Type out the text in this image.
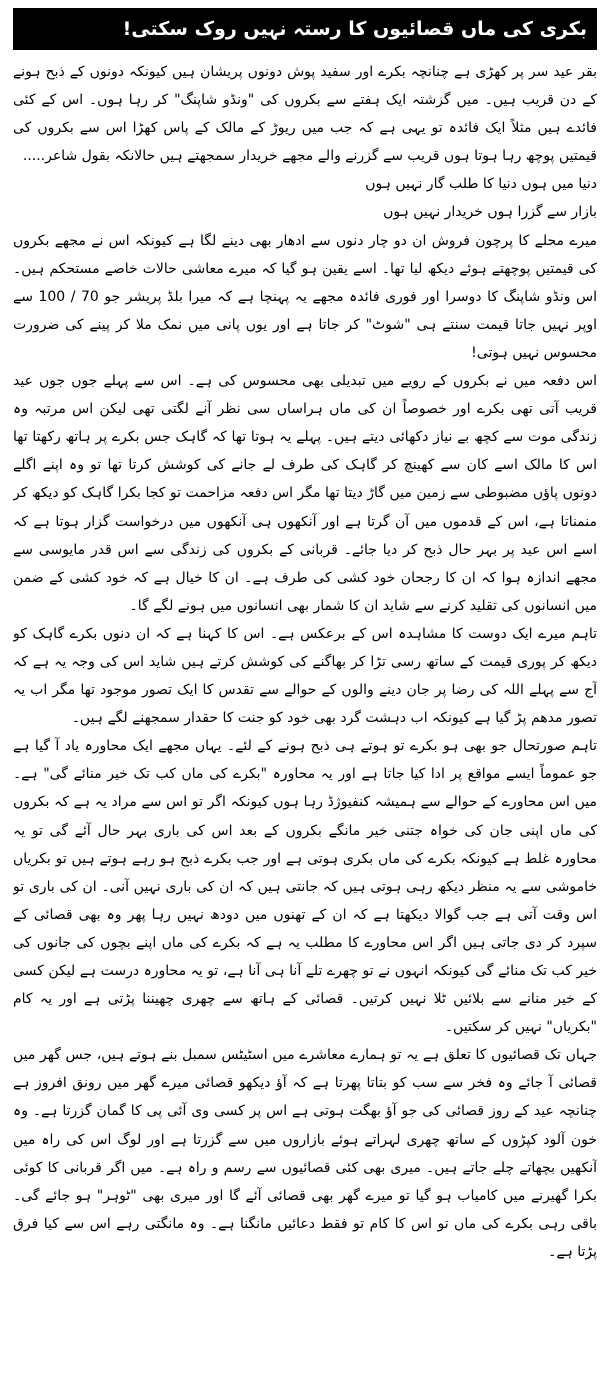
بکری کی ماں قصائیوں کا رستہ نہیں روک سکتی!

بقر عید سر پر کھڑی ہے چنانچہ بکرے اور سفید پوش دونوں پریشان ہیں کیونکہ دونوں کے ذبح ہونے کے دن قریب ہیں۔ میں گزشتہ ایک ہفتے سے بکروں کی "ونڈو شاپنگ" کر رہا ہوں۔ اس کے کئی فائدے ہیں مثلاً ایک فائدہ تو یہی ہے کہ جب میں ریوڑ کے مالک کے پاس کھڑا اس سے بکروں کی قیمتیں پوچھ رہا ہوتا ہوں قریب سے گزرنے والے مجھے خریدار سمجھتے ہیں حالانکہ بقول شاعر.....

دنیا میں ہوں دنیا کا طلب گار نہیں ہوں

بازار سے گزرا ہوں خریدار نہیں ہوں

میرے محلے کا پرچون فروش ان دو چار دنوں سے ادھار بھی دینے لگا ہے کیونکہ اس نے مجھے بکروں کی قیمتیں پوچھتے ہوئے دیکھ لیا تھا۔ اسے یقین ہو گیا کہ میرے معاشی حالات خاصے مستحکم ہیں۔ اس ونڈو شاپنگ کا دوسرا اور فوری فائدہ مجھے یہ پہنچا ہے کہ میرا بلڈ پریشر جو 70 / 100 سے اوپر نہیں جاتا قیمت سنتے ہی "شوٹ" کر جاتا ہے اور یوں پانی میں نمک ملا کر پینے کی ضرورت محسوس نہیں ہوتی!

اس دفعہ میں نے بکروں کے رویے میں تبدیلی بھی محسوس کی ہے۔ اس سے پہلے جوں جوں عید قریب آتی تھی بکرے اور خصوصاً ان کی ماں ہراساں سی نظر آنے لگتی تھی لیکن اس مرتبہ وہ زندگی موت سے کچھ بے نیاز دکھائی دیتے ہیں۔ پہلے یہ ہوتا تھا کہ گاہک جس بکرے پر ہاتھ رکھتا تھا اس کا مالک اسے کان سے کھینچ کر گاہک کی طرف لے جانے کی کوشش کرتا تھا تو وہ اپنے اگلے دونوں پاؤں مضبوطی سے زمین میں گاڑ دیتا تھا مگر اس دفعہ مزاحمت تو کجا بکرا گاہک کو دیکھ کر منمناتا ہے، اس کے قدموں میں آن گرتا ہے اور آنکھوں ہی آنکھوں میں درخواست گزار ہوتا ہے کہ اسے اس عید پر بہر حال ذبح کر دیا جائے۔ قربانی کے بکروں کی زندگی سے اس قدر مایوسی سے مجھے اندازہ ہوا کہ ان کا رجحان خود کشی کی طرف ہے۔ ان کا خیال ہے کہ خود کشی کے ضمن میں انسانوں کی تقلید کرنے سے شاید ان کا شمار بھی انسانوں میں ہونے لگے گا۔

تاہم میرے ایک دوست کا مشاہدہ اس کے برعکس ہے۔ اس کا کہنا ہے کہ ان دنوں بکرے گاہک کو دیکھ کر پوری قیمت کے ساتھ رسی تڑا کر بھاگنے کی کوشش کرتے ہیں شاید اس کی وجہ یہ ہے کہ آج سے پہلے اللہ کی رضا پر جان دینے والوں کے حوالے سے تقدس کا ایک تصور موجود تھا مگر اب یہ تصور مدھم پڑ گیا ہے کیونکہ اب دہشت گرد بھی خود کو جنت کا حقدار سمجھنے لگے ہیں۔

تاہم صورتحال جو بھی ہو بکرے تو ہوتے ہی ذبح ہونے کے لئے۔ یہاں مجھے ایک محاورہ یاد آ گیا ہے جو عموماً ایسے مواقع پر ادا کیا جاتا ہے اور یہ محاورہ "بکرے کی ماں کب تک خیر منائے گی" ہے۔ میں اس محاورے کے حوالے سے ہمیشہ کنفیوژڈ رہا ہوں کیونکہ اگر تو اس سے مراد یہ ہے کہ بکروں کی ماں اپنی جان کی خواہ جتنی خیر مانگے بکروں کے بعد اس کی باری بہر حال آئے گی تو یہ محاورہ غلط ہے کیونکہ بکرے کی ماں بکری ہوتی ہے اور جب بکرے ذبح ہو رہے ہوتے ہیں تو بکریاں خاموشی سے یہ منظر دیکھ رہی ہوتی ہیں کہ جانتی ہیں کہ ان کی باری نہیں آنی۔ ان کی باری تو اس وقت آتی ہے جب گوالا دیکھتا ہے کہ ان کے تھنوں میں دودھ نہیں رہا پھر وہ بھی قصائی کے سپرد کر دی جاتی ہیں اگر اس محاورے کا مطلب یہ ہے کہ بکرے کی ماں اپنے بچوں کی جانوں کی خیر کب تک منائے گی کیونکہ انہوں نے تو چھرے تلے آنا ہی آنا ہے، تو یہ محاورہ درست ہے لیکن کسی کے خیر منانے سے بلائیں ٹلا نہیں کرتیں۔ قصائی کے ہاتھ سے چھری چھیننا پڑتی ہے اور یہ کام "بکریاں" نہیں کر سکتیں۔

جہاں تک قصائیوں کا تعلق ہے یہ تو ہمارے معاشرے میں اسٹیٹس سمبل بنے ہوتے ہیں، جس گھر میں قصائی آ جائے وہ فخر سے سب کو بتاتا پھرتا ہے کہ آؤ دیکھو قصائی میرے گھر میں رونق افروز ہے چنانچہ عید کے روز قصائی کی جو آؤ بھگت ہوتی ہے اس پر کسی وی آئی پی کا گمان گزرتا ہے۔ وہ خون آلود کپڑوں کے ساتھ چھری لہراتے ہوئے بازاروں میں سے گزرتا ہے اور لوگ اس کی راہ میں آنکھیں بچھاتے چلے جاتے ہیں۔ میری بھی کئی قصائیوں سے رسم و راہ ہے۔ میں اگر قربانی کا کوئی بکرا گھیرنے میں کامیاب ہو گیا تو میرے گھر بھی قصائی آئے گا اور میری بھی "ٹوہر" ہو جائے گی۔ باقی رہی بکرے کی ماں تو اس کا کام تو فقط دعائیں مانگنا ہے۔ وہ مانگتی رہے اس سے کیا فرق پڑتا ہے۔
